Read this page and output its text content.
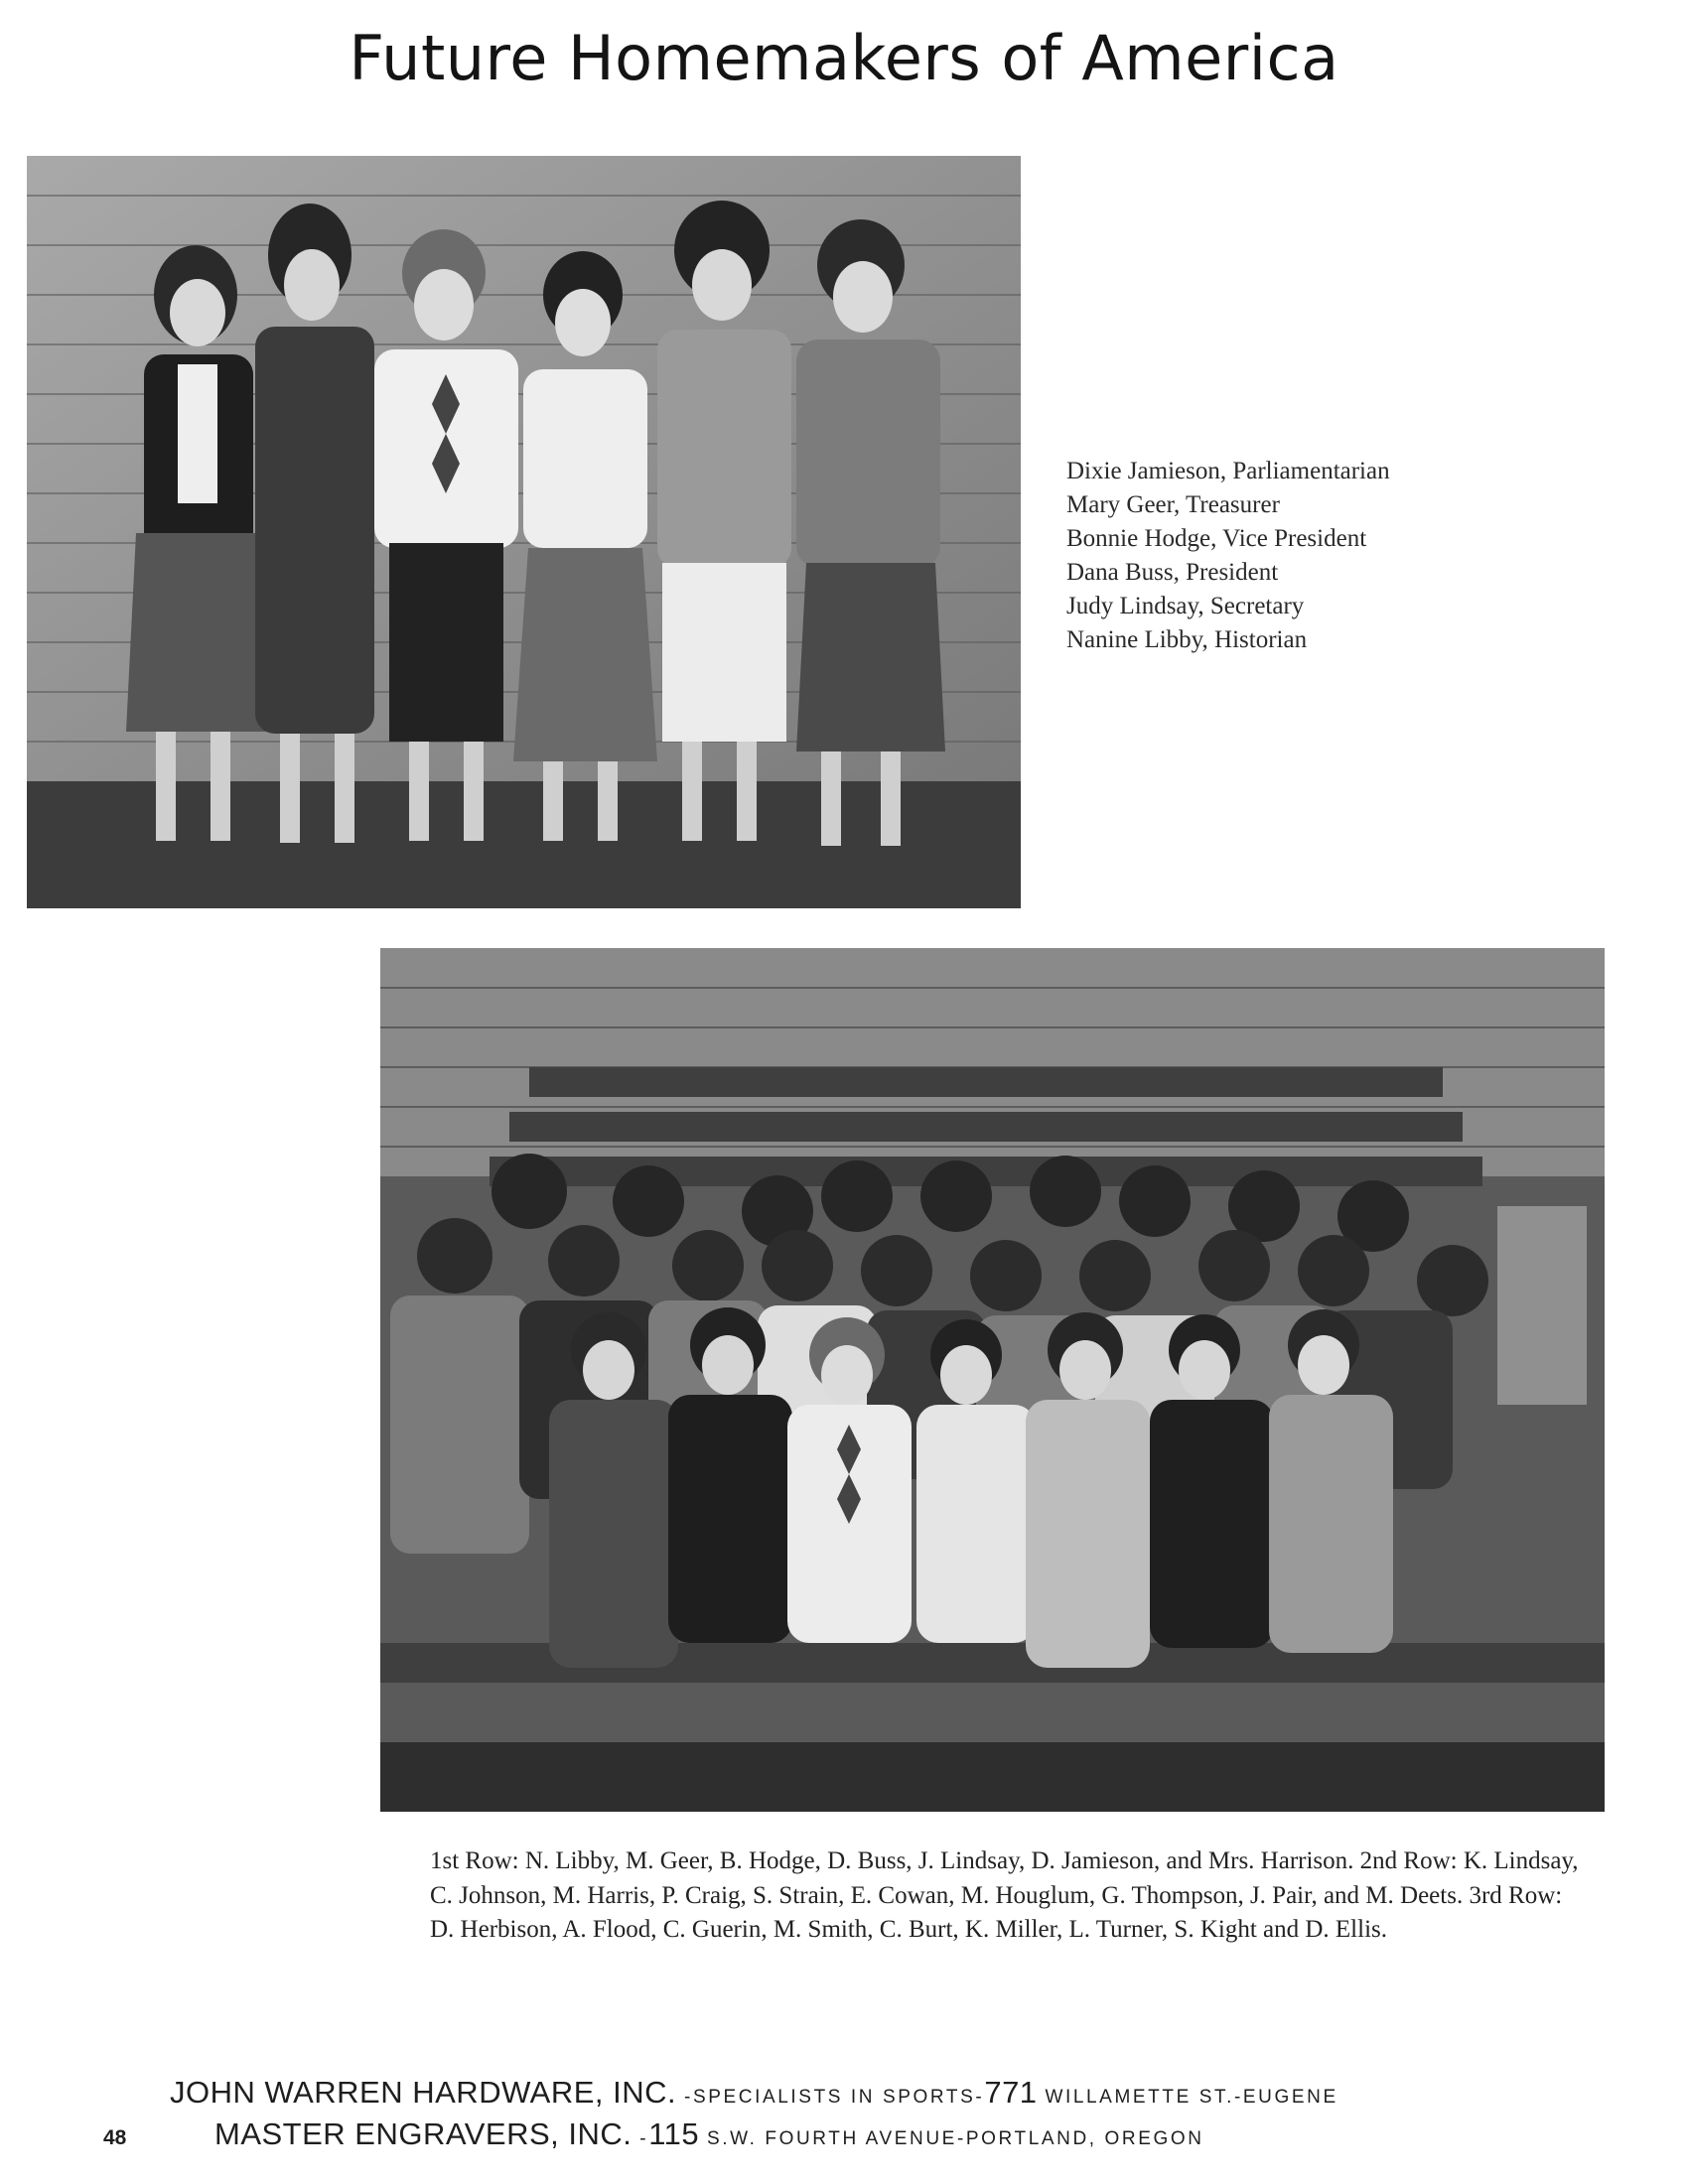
Future Homemakers of America
Dixie Jamieson, Parliamentarian
Mary Geer, Treasurer
Bonnie Hodge, Vice President
Dana Buss, President
Judy Lindsay, Secretary
Nanine Libby, Historian

1st Row: N. Libby, M. Geer, B. Hodge, D. Buss, J. Lindsay, D. Jamieson, and Mrs. Harrison. 2nd Row: K. Lindsay, C. Johnson, M. Harris, P. Craig, S. Strain, E. Cowan, M. Houglum, G. Thompson, J. Pair, and M. Deets. 3rd Row: D. Herbison, A. Flood, C. Guerin, M. Smith, C. Burt, K. Miller, L. Turner, S. Kight and D. Ellis.

JOHN WARREN HARDWARE, INC. -SPECIALISTS IN SPORTS-771 WILLAMETTE ST.-EUGENE
48	MASTER ENGRAVERS, INC. -115 S.W. FOURTH AVENUE-PORTLAND, OREGON
